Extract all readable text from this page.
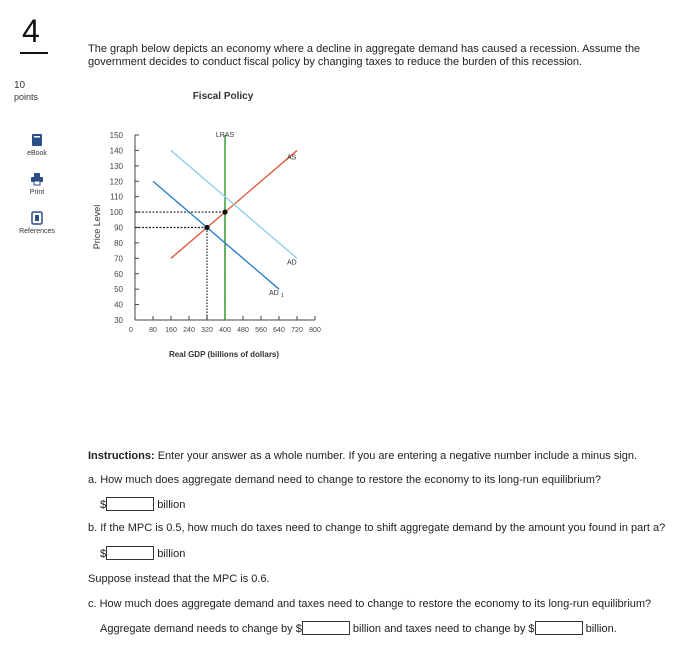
4
10
points
eBook
Print
References
The graph below depicts an economy where a decline in aggregate demand has caused a recession. Assume the government decides to conduct fiscal policy by changing taxes to reduce the burden of this recession.
Fiscal Policy
Price Level
Real GDP (billions of dollars)
30
40
50
60
70
80
90
100
110
120
130
140
150
0 80 160 240 320 400 480 560 640 720 800
LRAS
AS
AD
AD 1
Instructions: Enter your answer as a whole number. If you are entering a negative number include a minus sign.
a. How much does aggregate demand need to change to restore the economy to its long-run equilibrium?
$	billion
b. If the MPC is 0.5, how much do taxes need to change to shift aggregate demand by the amount you found in part a?
$	billion
Suppose instead that the MPC is 0.6.
c. How much does aggregate demand and taxes need to change to restore the economy to its long-run equilibrium?
Aggregate demand needs to change by $	billion and taxes need to change by $	billion.
